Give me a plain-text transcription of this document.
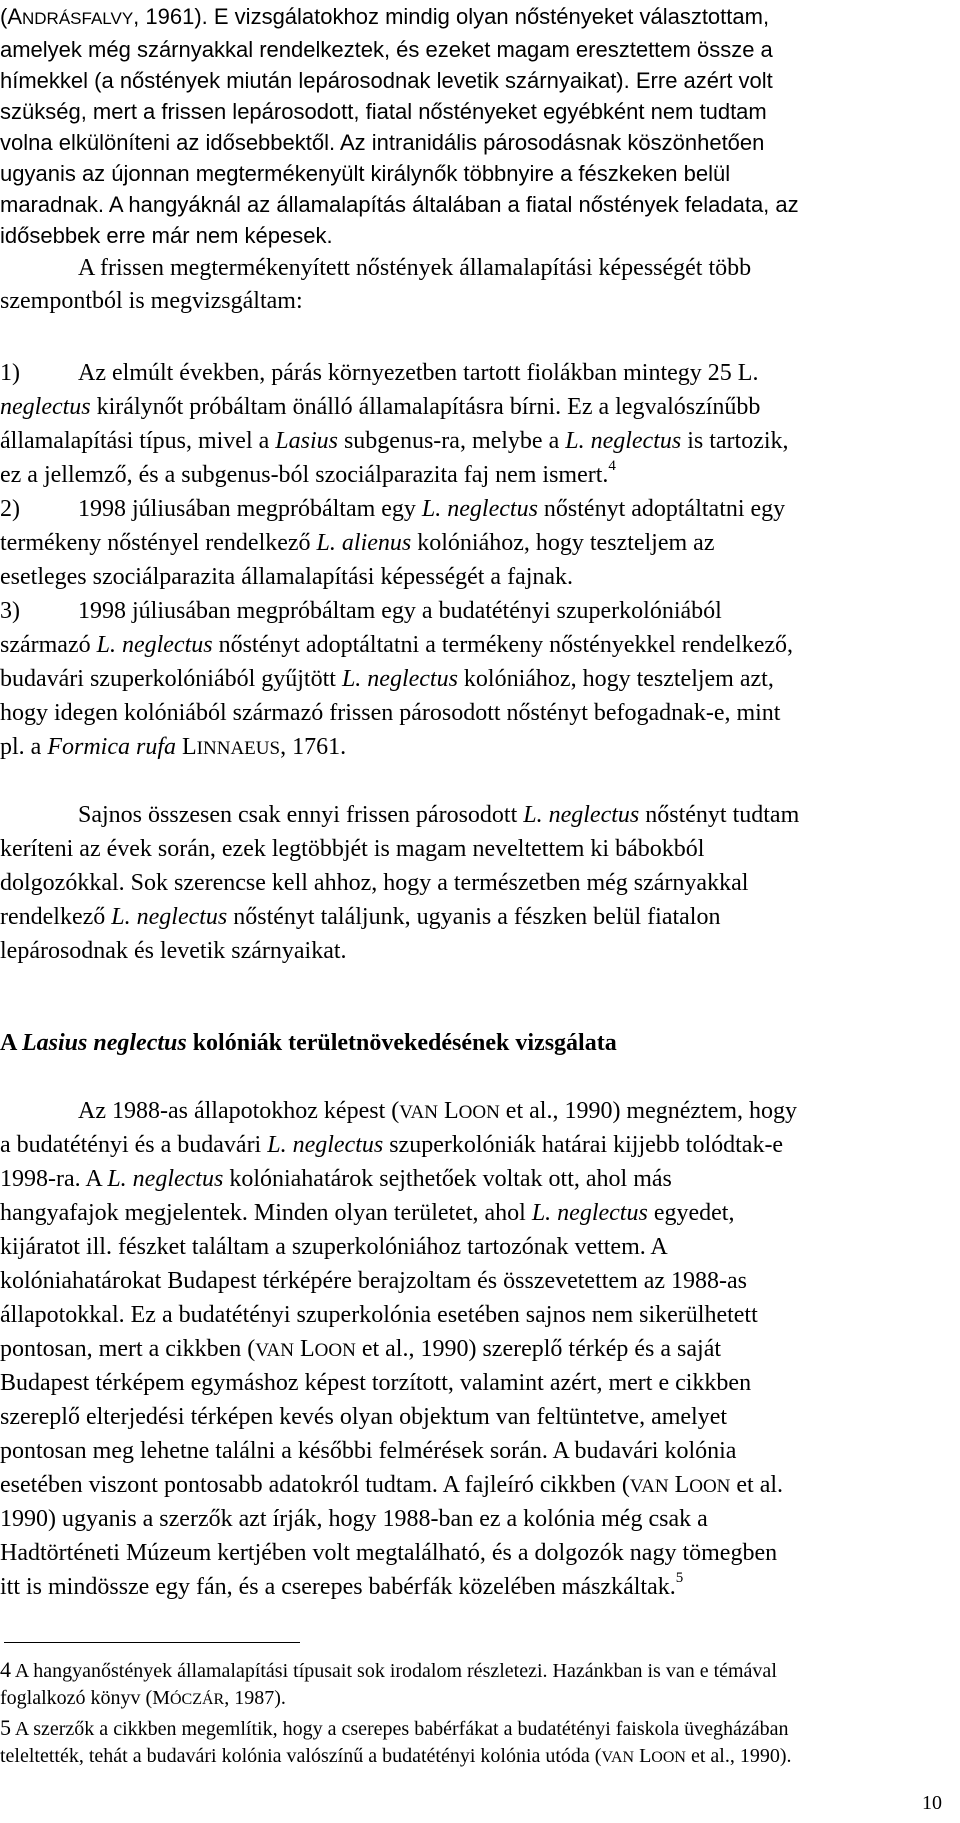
(ANDRÁSFALVY, 1961). E vizsgálatokhoz mindig olyan nőstényeket választottam,
amelyek még szárnyakkal rendelkeztek, és ezeket magam eresztettem össze a
hímekkel (a nőstények miután lepárosodnak levetik szárnyaikat). Erre azért volt
szükség, mert a frissen lepárosodott, fiatal nőstényeket egyébként nem tudtam
volna elkülöníteni az idősebbektől. Az intranidális párosodásnak köszönhetően
ugyanis az újonnan megtermékenyült királynők többnyire a fészkeken belül
maradnak. A hangyáknál az államalapítás általában a fiatal nőstények feladata, az
idősebbek erre már nem képesek.
A frissen megtermékenyített nőstények államalapítási képességét több
szempontból is megvizsgáltam:
1) Az elmúlt években, párás környezetben tartott fiolákban mintegy 25 L.
neglectus királynőt próbáltam önálló államalapításra bírni. Ez a legvalószínűbb
államalapítási típus, mivel a Lasius subgenus-ra, melybe a L. neglectus is tartozik,
ez a jellemző, és a subgenus-ból szociálparazita faj nem ismert.$^4$
2) 1998 júliusában megpróbáltam egy L. neglectus nőstényt adoptáltatni egy
termékeny nőstényel rendelkező L. alienus kolóniához, hogy teszteljem az
esetleges szociálparazita államalapítási képességét a fajnak.
3) 1998 júliusában megpróbáltam egy a budatétényi szuperkolóniából
származó L. neglectus nőstényt adoptáltatni a termékeny nőstényekkel rendelkező,
budavári szuperkolóniából gyűjtött L. neglectus kolóniához, hogy teszteljem azt,
hogy idegen kolóniából származó frissen párosodott nőstényt befogadnak-e, mint
pl. a Formica rufa LINNAEUS, 1761.
Sajnos összesen csak ennyi frissen párosodott L. neglectus nőstényt tudtam
keríteni az évek során, ezek legtöbbjét is magam neveltettem ki bábokból
dolgozókkal. Sok szerencse kell ahhoz, hogy a természetben még szárnyakkal
rendelkező L. neglectus nőstényt találjunk, ugyanis a fészken belül fiatalon
lepárosodnak és levetik szárnyaikat.
A Lasius neglectus kolóniák területnövekedésének vizsgálata
Az 1988-as állapotokhoz képest (VAN LOON et al., 1990) megnéztem, hogy
a budatétényi és a budavári L. neglectus szuperkolóniák határai kijjebb tolódtak-e
1998-ra. A L. neglectus kolóniahatárok sejthetőek voltak ott, ahol más
hangyafajok megjelentek. Minden olyan területet, ahol L. neglectus egyedet,
kijáratot ill. fészket találtam a szuperkolóniához tartozónak vettem. A
kolóniahatárokat Budapest térképére berajzoltam és összevetettem az 1988-as
állapotokkal. Ez a budatétényi szuperkolónia esetében sajnos nem sikerülhetett
pontosan, mert a cikkben (VAN LOON et al., 1990) szereplő térkép és a saját
Budapest térképem egymáshoz képest torzított, valamint azért, mert e cikkben
szereplő elterjedési térképen kevés olyan objektum van feltüntetve, amelyet
pontosan meg lehetne találni a későbbi felmérések során. A budavári kolónia
esetében viszont pontosabb adatokról tudtam. A fajleíró cikkben (VAN LOON et al.
1990) ugyanis a szerzők azt írják, hogy 1988-ban ez a kolónia még csak a
Hadtörténeti Múzeum kertjében volt megtalálható, és a dolgozók nagy tömegben
itt is mindössze egy fán, és a cserepes babérfák közelében mászkáltak.$^5$
4 A hangyanőstények államalapítási típusait sok irodalom részletezi. Hazánkban is van e témával
foglalkozó könyv (MÓCZÁR, 1987).
5 A szerzők a cikkben megemlítik, hogy a cserepes babérfákat a budatétényi faiskola üvegházában
teleltették, tehát a budavári kolónia valószínű a budatétényi kolónia utóda (VAN LOON et al., 1990).
10
